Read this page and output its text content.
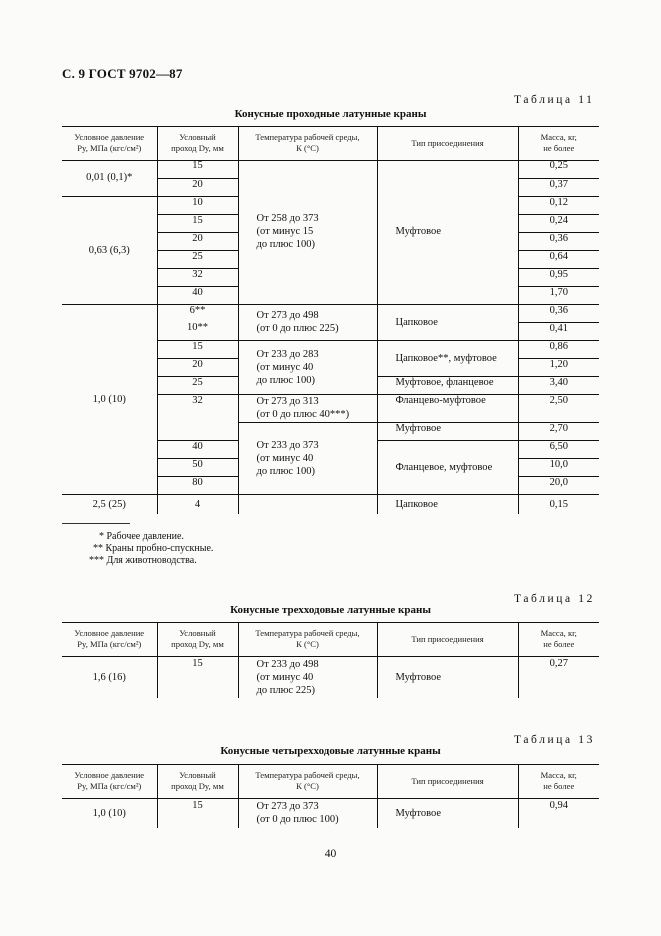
С. 9 ГОСТ 9702—87
Таблица 11
Конусные проходные латунные краны
Условное давление
Py, МПа (кгс/см²)	Условный
проход Dy, мм	Температура рабочей среды,
К (°С)	Тип присоединения	Масса, кг,
не более
0,01 (0,1)*	15	От 258 до 373
(от минус 15
до плюс 100)	Муфтовое	0,25
	20			0,37
0,63 (6,3)	10			0,12
	15			0,24
	20			0,36
	25			0,64
	32			0,95
	40			1,70
1,0 (10)	6**	От 273 до 498
(от 0 до плюс 225)	Цапковое	0,36
	10**			0,41
	15	От 233 до 283
(от минус 40
до плюс 100)	Цапковое**, муфтовое	0,86
	20			1,20
	25		Муфтовое, фланцевое	3,40
	32	От 273 до 313
(от 0 до плюс 40***)	Фланцево-муфтовое	2,50
		От 233 до 373
(от минус 40
до плюс 100)	Муфтовое	2,70
	40		Фланцевое, муфтовое	6,50
	50			10,0
	80			20,0
2,5 (25)	4		Цапковое	0,15
* Рабочее давление.
** Краны пробно-спускные.
*** Для животноводства.
Таблица 12
Конусные трехходовые латунные краны
Условное давление
Py, МПа (кгс/см²)	Условный
проход Dy, мм	Температура рабочей среды,
К (°С)	Тип присоединения	Масса, кг,
не более
1,6 (16)	15	От 233 до 498
(от минус 40
до плюс 225)	Муфтовое	0,27
Таблица 13
Конусные четырехходовые латунные краны
Условное давление
Py, МПа (кгс/см²)	Условный
проход Dy, мм	Температура рабочей среды,
К (°С)	Тип присоединения	Масса, кг,
не более
1,0 (10)	15	От 273 до 373
(от 0 до плюс 100)	Муфтовое	0,94
40
